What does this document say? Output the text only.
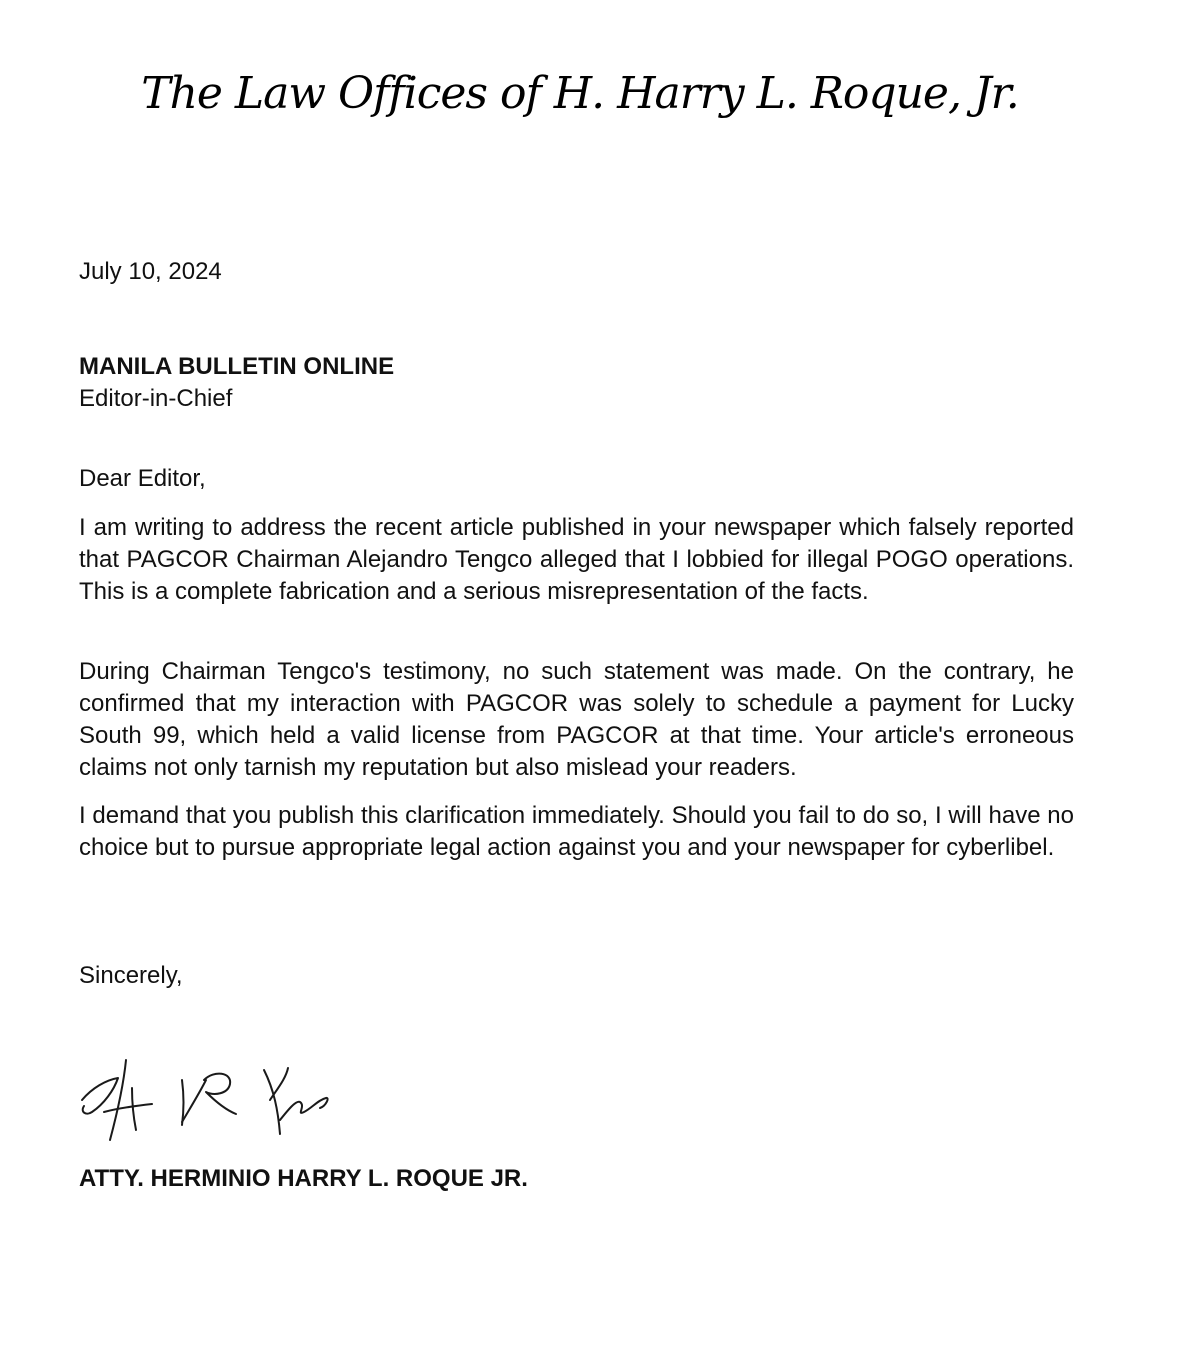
The Law Offices of H. Harry L. Roque, Jr.
July 10, 2024
MANILA BULLETIN ONLINE
Editor-in-Chief
Dear Editor,

I am writing to address the recent article published in your newspaper which falsely reported that PAGCOR Chairman Alejandro Tengco alleged that I lobbied for illegal POGO operations. This is a complete fabrication and a serious misrepresentation of the facts.

During Chairman Tengco's testimony, no such statement was made. On the contrary, he confirmed that my interaction with PAGCOR was solely to schedule a payment for Lucky South 99, which held a valid license from PAGCOR at that time. Your article's erroneous claims not only tarnish my reputation but also mislead your readers.

I demand that you publish this clarification immediately. Should you fail to do so, I will have no choice but to pursue appropriate legal action against you and your newspaper for cyberlibel.

Sincerely,
ATTY. HERMINIO HARRY L. ROQUE JR.
